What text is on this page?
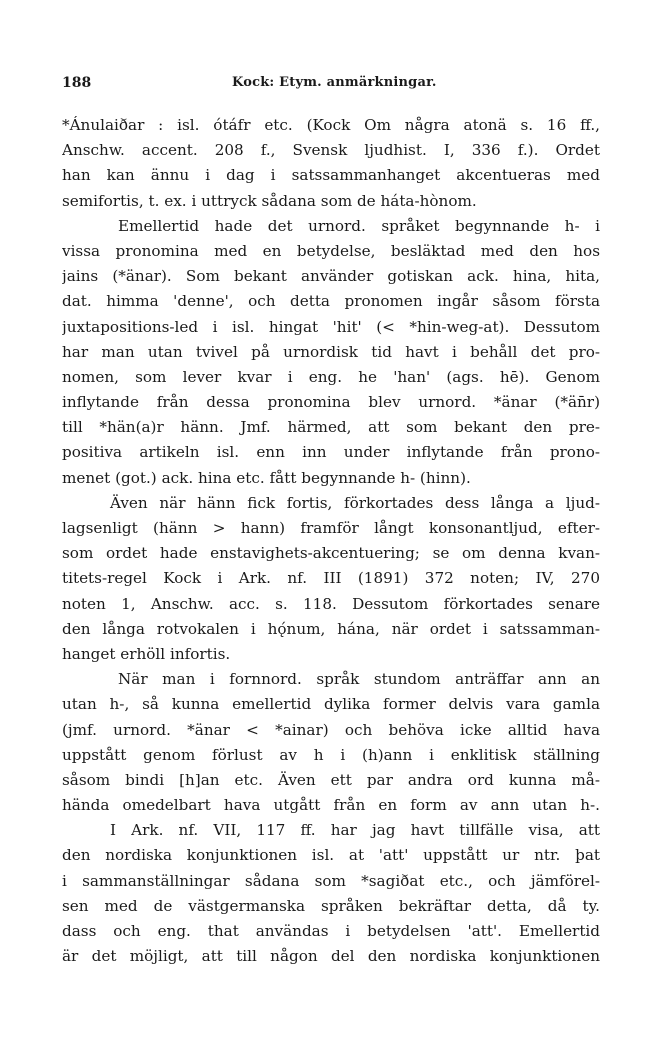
188	Kock: Etym. anmärkningar.
*Ánulaiðar : isl. ótáfr etc. (Kock Om några atonä s. 16 ff.,
Anschw. accent. 208 f., Svensk ljudhist. I, 336 f.). Ordet
han kan ännu i dag i satssammanhanget akcentueras med
semifortis, t. ex. i uttryck sådana som de háta-hònom.
Emellertid hade det urnord. språket begynnande h- i
vissa pronomina med en betydelse, besläktad med den hos
jains (*änar). Som bekant använder gotiskan ack. hina, hita,
dat. himma 'denne', och detta pronomen ingår såsom första
juxtapositions-led i isl. hingat 'hit' (< *hin-weg-at). Dessutom
har man utan tvivel på urnordisk tid havt i behåll det pro-
nomen, som lever kvar i eng. he 'han' (ags. hē). Genom
inflytande från dessa pronomina blev urnord. *änar (*än̄r)
till *hän(a)r hänn. Jmf. härmed, att som bekant den pre-
positiva artikeln isl. enn inn under inflytande från prono-
menet (got.) ack. hina etc. fått begynnande h- (hinn).
Även när hänn fick fortis, förkortades dess långa a ljud-
lagsenligt (hänn > hann) framför långt konsonantljud, efter-
som ordet hade enstavighets-akcentuering; se om denna kvan-
titets-regel Kock i Ark. nf. III (1891) 372 noten; IV, 270
noten 1, Anschw. acc. s. 118. Dessutom förkortades senare
den långa rotvokalen i hǫ́num, hána, när ordet i satssamman-
hanget erhöll infortis.
När man i fornnord. språk stundom anträffar ann an
utan h-, så kunna emellertid dylika former delvis vara gamla
(jmf. urnord. *änar < *ainar) och behöva icke alltid hava
uppstått genom förlust av h i (h)ann i enklitisk ställning
såsom bindi [h]an etc. Även ett par andra ord kunna må-
hända omedelbart hava utgått från en form av ann utan h-.
I Ark. nf. VII, 117 ff. har jag havt tillfälle visa, att
den nordiska konjunktionen isl. at 'att' uppstått ur ntr. þat
i sammanställningar sådana som *sagiðat etc., och jämförel-
sen med de västgermanska språken bekräftar detta, då ty.
dass och eng. that användas i betydelsen 'att'. Emellertid
är det möjligt, att till någon del den nordiska konjunktionen
